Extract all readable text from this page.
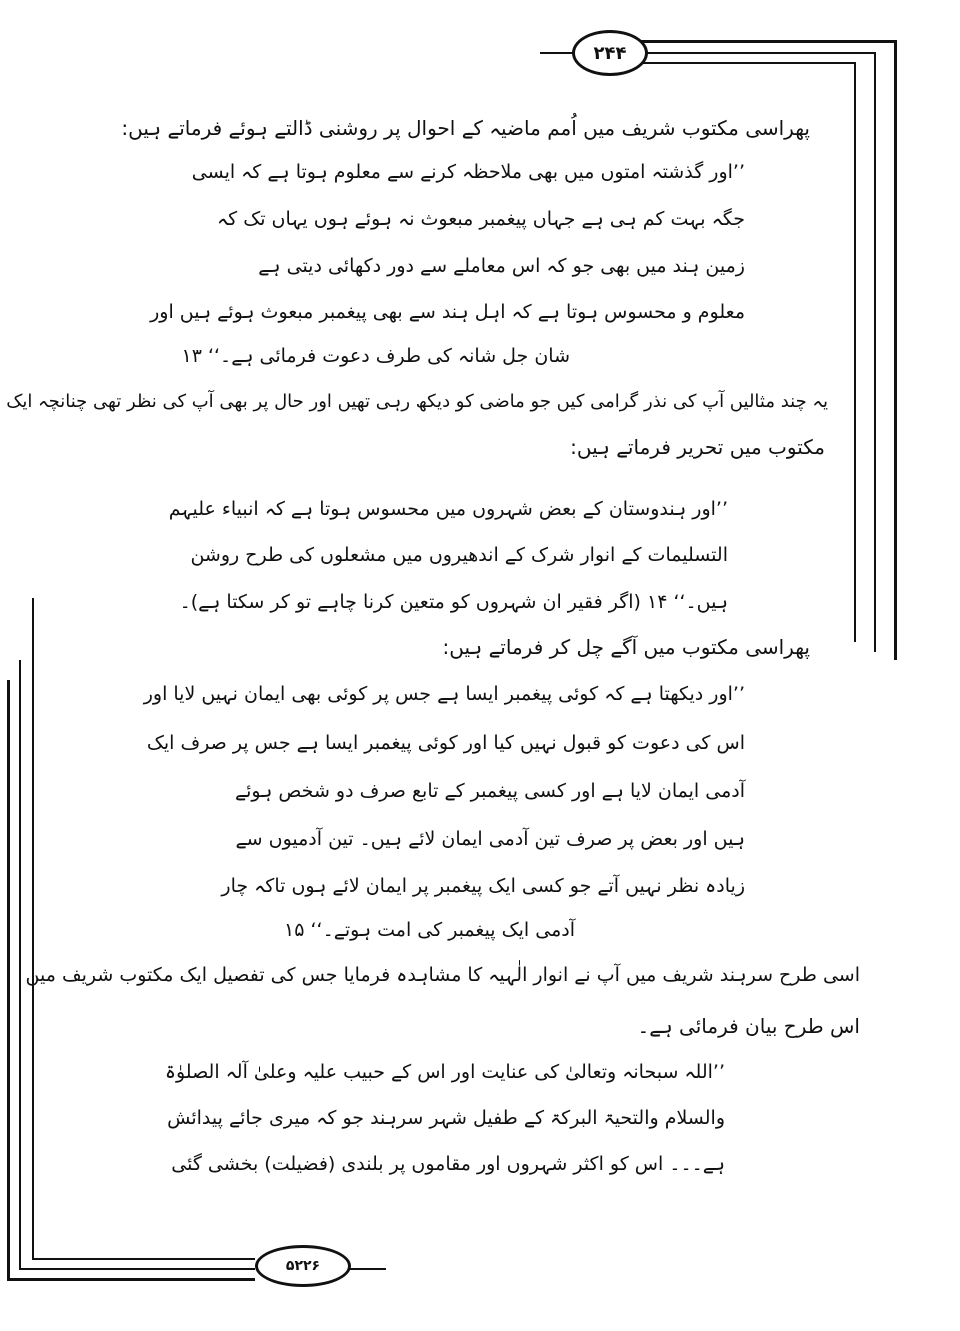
۲۴۴
۵۲۲۶
پھراسی مکتوب شریف میں اُمم ماضیہ کے احوال پر روشنی ڈالتے ہوئے فرماتے ہیں:
’’اور گذشتہ امتوں میں بھی ملاحظہ کرنے سے معلوم ہوتا ہے کہ ایسی
جگہ بہت کم ہی ہے جہاں پیغمبر مبعوث نہ ہوئے ہوں یہاں تک کہ
زمین ہند میں بھی جو کہ اس معاملے سے دور دکھائی دیتی ہے
معلوم و محسوس ہوتا ہے کہ اہل ہند سے بھی پیغمبر مبعوث ہوئے ہیں اور
شان جل شانہ کی طرف دعوت فرمائی ہے۔‘‘ ۱۳
یہ چند مثالیں آپ کی نذر گرامی کیں جو ماضی کو دیکھ رہی تھیں اور حال پر بھی آپ کی نظر تھی چنانچہ ایک
مکتوب میں تحریر فرماتے ہیں:
’’اور ہندوستان کے بعض شہروں میں محسوس ہوتا ہے کہ انبیاء علیہم
التسلیمات کے انوار شرک کے اندھیروں میں مشعلوں کی طرح روشن
ہیں۔‘‘ ۱۴ (اگر فقیر ان شہروں کو متعین کرنا چاہے تو کر سکتا ہے)۔
پھراسی مکتوب میں آگے چل کر فرماتے ہیں:
’’اور دیکھتا ہے کہ کوئی پیغمبر ایسا ہے جس پر کوئی بھی ایمان نہیں لایا اور
اس کی دعوت کو قبول نہیں کیا اور کوئی پیغمبر ایسا ہے جس پر صرف ایک
آدمی ایمان لایا ہے اور کسی پیغمبر کے تابع صرف دو شخص ہوئے
ہیں اور بعض پر صرف تین آدمی ایمان لائے ہیں۔ تین آدمیوں سے
زیادہ نظر نہیں آتے جو کسی ایک پیغمبر پر ایمان لائے ہوں تاکہ چار
آدمی ایک پیغمبر کی امت ہوتے۔‘‘ ۱۵
اسی طرح سرہند شریف میں آپ نے انوار الٰہیہ کا مشاہدہ فرمایا جس کی تفصیل ایک مکتوب شریف میں
اس طرح بیان فرمائی ہے۔
’’اللہ سبحانہ وتعالیٰ کی عنایت اور اس کے حبیب علیہ وعلیٰ آلہ الصلوٰۃ
والسلام والتحیۃ البرکۃ کے طفیل شہر سرہند جو کہ میری جائے پیدائش
ہے۔۔۔ اس کو اکثر شہروں اور مقاموں پر بلندی (فضیلت) بخشی گئی
